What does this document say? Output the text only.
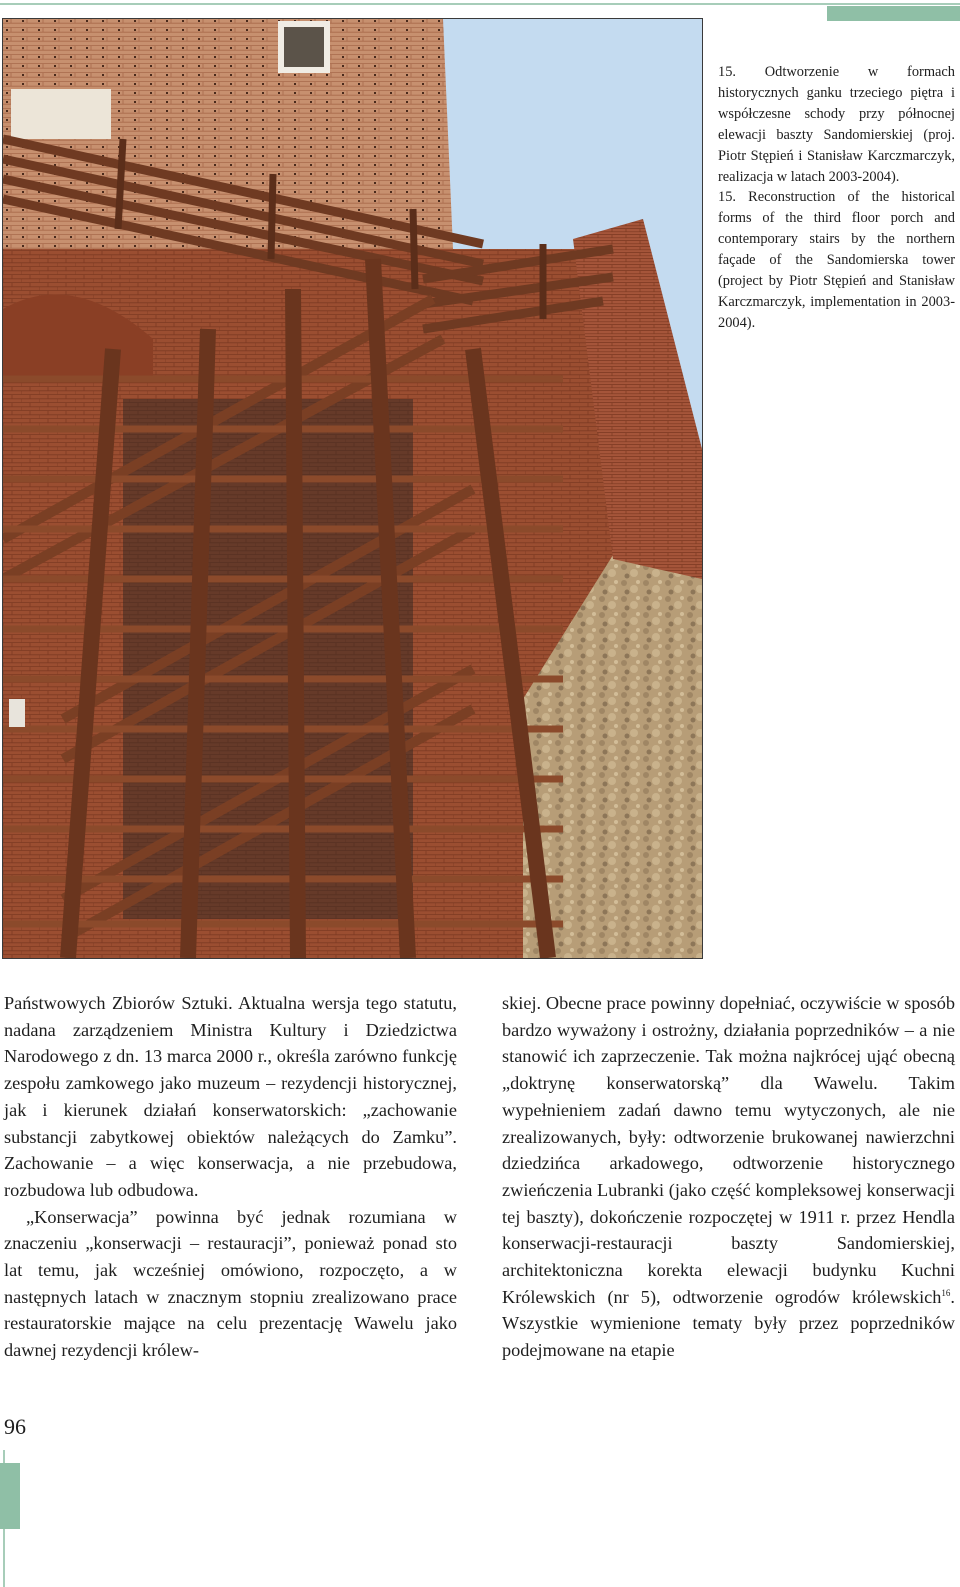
15. Odtworzenie w formach historycznych ganku trzeciego piętra i współczesne schody przy północnej elewacji baszty Sandomierskiej (proj. Piotr Stępień i Stanisław Karczmarczyk, realizacja w latach 2003-2004).

15. Reconstruction of the historical forms of the third floor porch and contemporary stairs by the northern façade of the Sandomierska tower (project by Piotr Stępień and Stanisław Karczmarczyk, implementation in 2003-2004).

Państwowych Zbiorów Sztuki. Aktualna wersja tego statutu, nadana zarządzeniem Ministra Kultury i Dziedzictwa Narodowego z dn. 13 marca 2000 r., określa zarówno funkcję zespołu zamkowego jako muzeum – rezydencji historycznej, jak i kierunek działań konserwatorskich: „zachowanie substancji zabytkowej obiektów należących do Zamku”. Zachowanie – a więc konserwacja, a nie przebudowa, rozbudowa lub odbudowa.

„Konserwacja” powinna być jednak rozumiana w znaczeniu „konserwacji – restauracji”, ponieważ ponad sto lat temu, jak wcześniej omówiono, rozpoczęto, a w następnych latach w znacznym stopniu zrealizowano prace restauratorskie mające na celu prezentację Wawelu jako dawnej rezydencji królew-

skiej. Obecne prace powinny dopełniać, oczywiście w sposób bardzo wyważony i ostrożny, działania poprzedników – a nie stanowić ich zaprzeczenie. Tak można najkrócej ująć obecną „doktrynę konserwatorską” dla Wawelu. Takim wypełnieniem zadań dawno temu wytyczonych, ale nie zrealizowanych, były: odtworzenie brukowanej nawierzchni dziedzińca arkadowego, odtworzenie historycznego zwieńczenia Lubranki (jako część kompleksowej konserwacji tej baszty), dokończenie rozpoczętej w 1911 r. przez Hendla konserwacji-restauracji baszty Sandomierskiej, architektoniczna korekta elewacji budynku Kuchni Królewskich (nr 5), odtworzenie ogrodów królewskich$^{16}$. Wszystkie wymienione tematy były przez poprzedników podejmowane na etapie

96
